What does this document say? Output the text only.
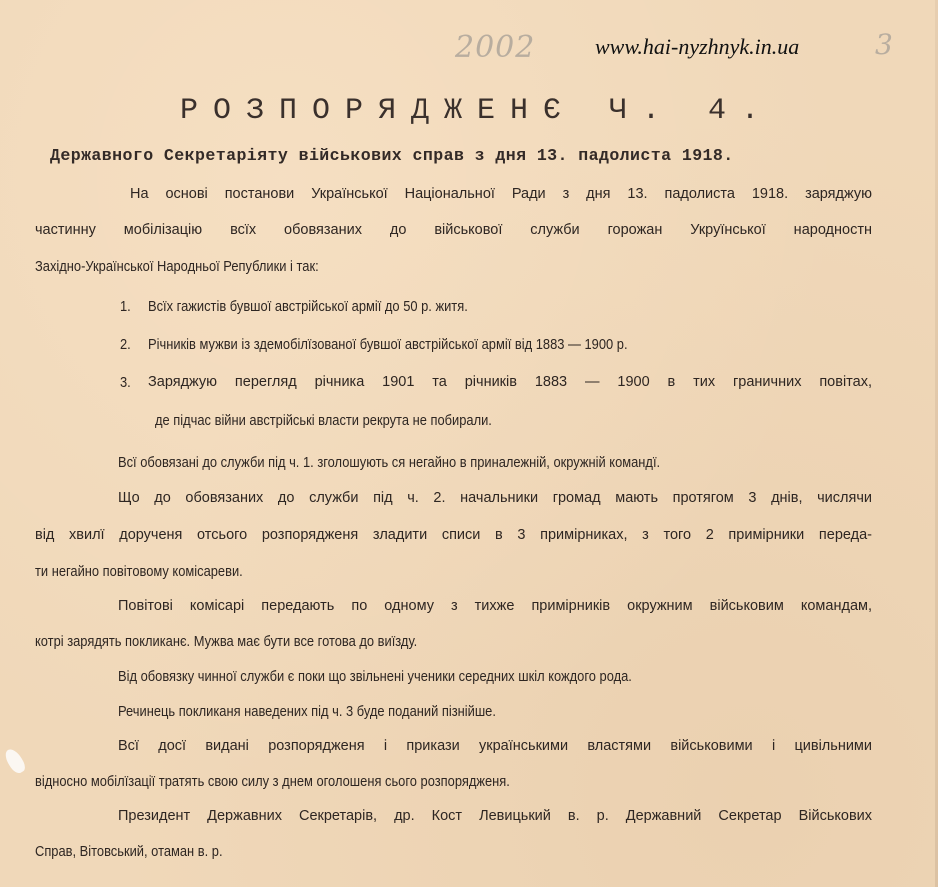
2002	www.hai-nyzhnyk.in.ua	3
РОЗПОРЯДЖЕНЄ Ч. 4.
Державного Секретаріяту військових справ з дня 13. падолиста 1918.
На основі постанови Української Національної Ради з дня 13. падолиста 1918. заряджую
частинну мобілізацію всїх обовязаних до військової служби горожан Укруїнської народностн
Західно-Української Народньої Републики і так:
1. Всїх гажистів бувшої австрійської армії до 50 р. житя.
2. Річників мужви із здемобілїзованої бувшої австрійської армії від 1883 — 1900 р.
3. Заряджую перегляд річника 1901 та річників 1883 — 1900 в тих граничних повітах,
де підчас війни австрійські власти рекрута не побирали.
Всї обовязані до служби під ч. 1. зголошують ся негайно в приналежній, окружній командї.
Що до обовязаних до служби під ч. 2. начальники громад мають протягом 3 днів, числячи
від хвилї дорученя отсього розпорядженя зладити списи в 3 примірниках, з того 2 примірники переда-
ти негайно повітовому комісареви.
Повітові комісарі передають по одному з тихже примірників окружним військовим командам,
котрі зарядять покликанє. Мужва має бути все готова до виїзду.
Від обовязку чинної служби є поки що звільнені ученики середних шкіл кождого рода.
Речинець покликаня наведених під ч. 3 буде поданий пізнійше.
Всї досї видані розпорядженя і прикази українськими властями військовими і цивільними
відносно мобілїзації тратять свою силу з днем оголошеня сього розпорядженя.
Президент Державних Секретарів, др. Кост Левицький в. р. Державний Секретар Військових
Справ, Вітовський, отаман в. р.
